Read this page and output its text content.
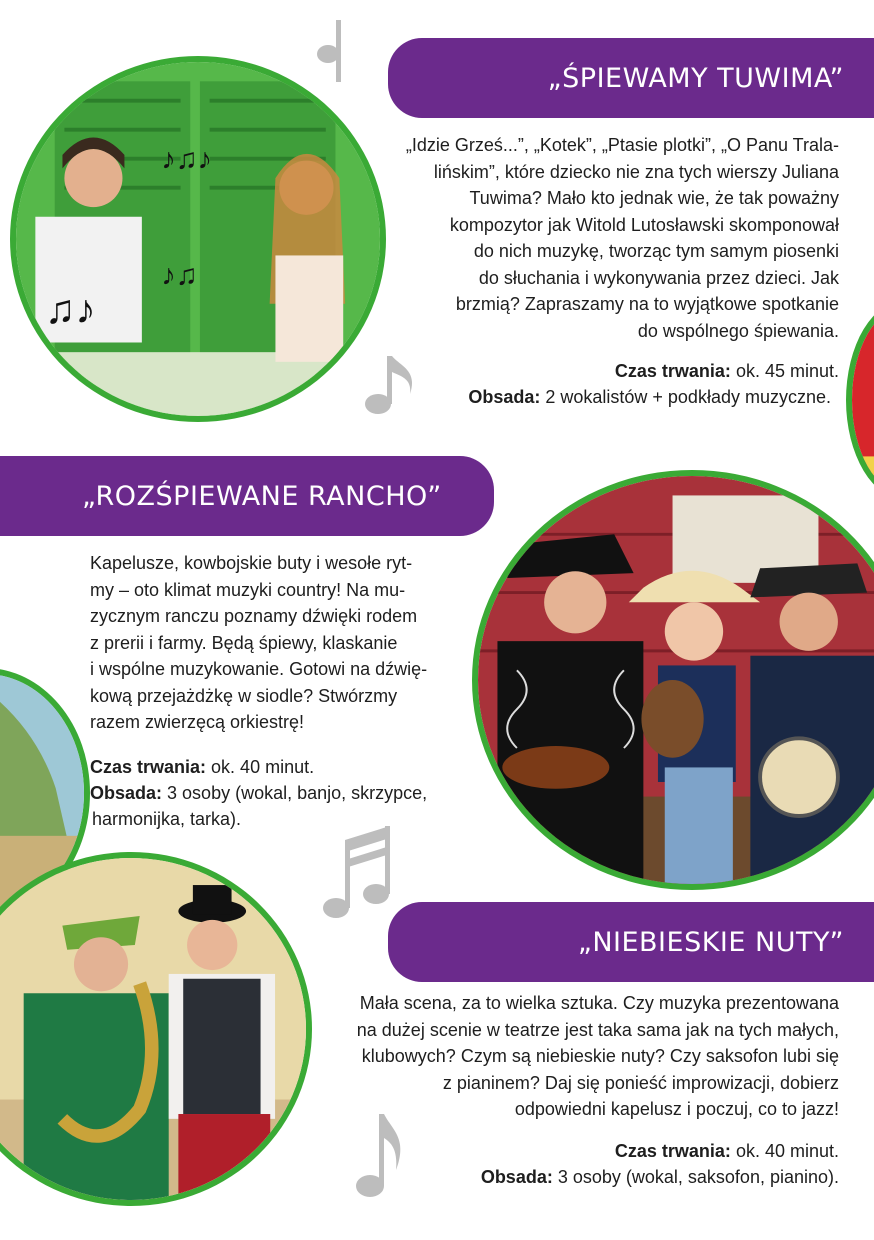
„ŚPIEWAMY TUWIMA”
♪♫♪
♫♪
♪♫

„Idzie Grześ...”, „Kotek”, „Ptasie plotki”, „O Panu Trala-
lińskim”, które dziecko nie zna tych wierszy Juliana
Tuwima? Mało kto jednak wie, że tak poważny
kompozytor jak Witold Lutosławski skomponował
do nich muzykę, tworząc tym samym piosenki
do słuchania i wykonywania przez dzieci. Jak
brzmią? Zapraszamy na to wyjątkowe spotkanie
do wspólnego śpiewania.

Czas trwania: ok. 45 minut.
Obsada: 2 wokalistów + podkłady muzyczne.

„ROZŚPIEWANE RANCHO”

Kapelusze, kowbojskie buty i wesołe ryt-
my – oto klimat muzyki country! Na mu-
zycznym ranczu poznamy dźwięki rodem
z prerii i farmy. Będą śpiewy, klaskanie
i wspólne muzykowanie. Gotowi na dźwię-
kową przejażdżkę w siodle? Stwórzmy
razem zwierzęcą orkiestrę!

Czas trwania: ok. 40 minut.
Obsada: 3 osoby (wokal, banjo, skrzypce,
harmonijka, tarka).

„NIEBIESKIE NUTY”

Mała scena, za to wielka sztuka. Czy muzyka prezentowana
na dużej scenie w teatrze jest taka sama jak na tych małych,
klubowych? Czym są niebieskie nuty? Czy saksofon lubi się
z pianinem? Daj się ponieść improwizacji, dobierz
odpowiedni kapelusz i poczuj, co to jazz!

Czas trwania: ok. 40 minut.
Obsada: 3 osoby (wokal, saksofon, pianino).
